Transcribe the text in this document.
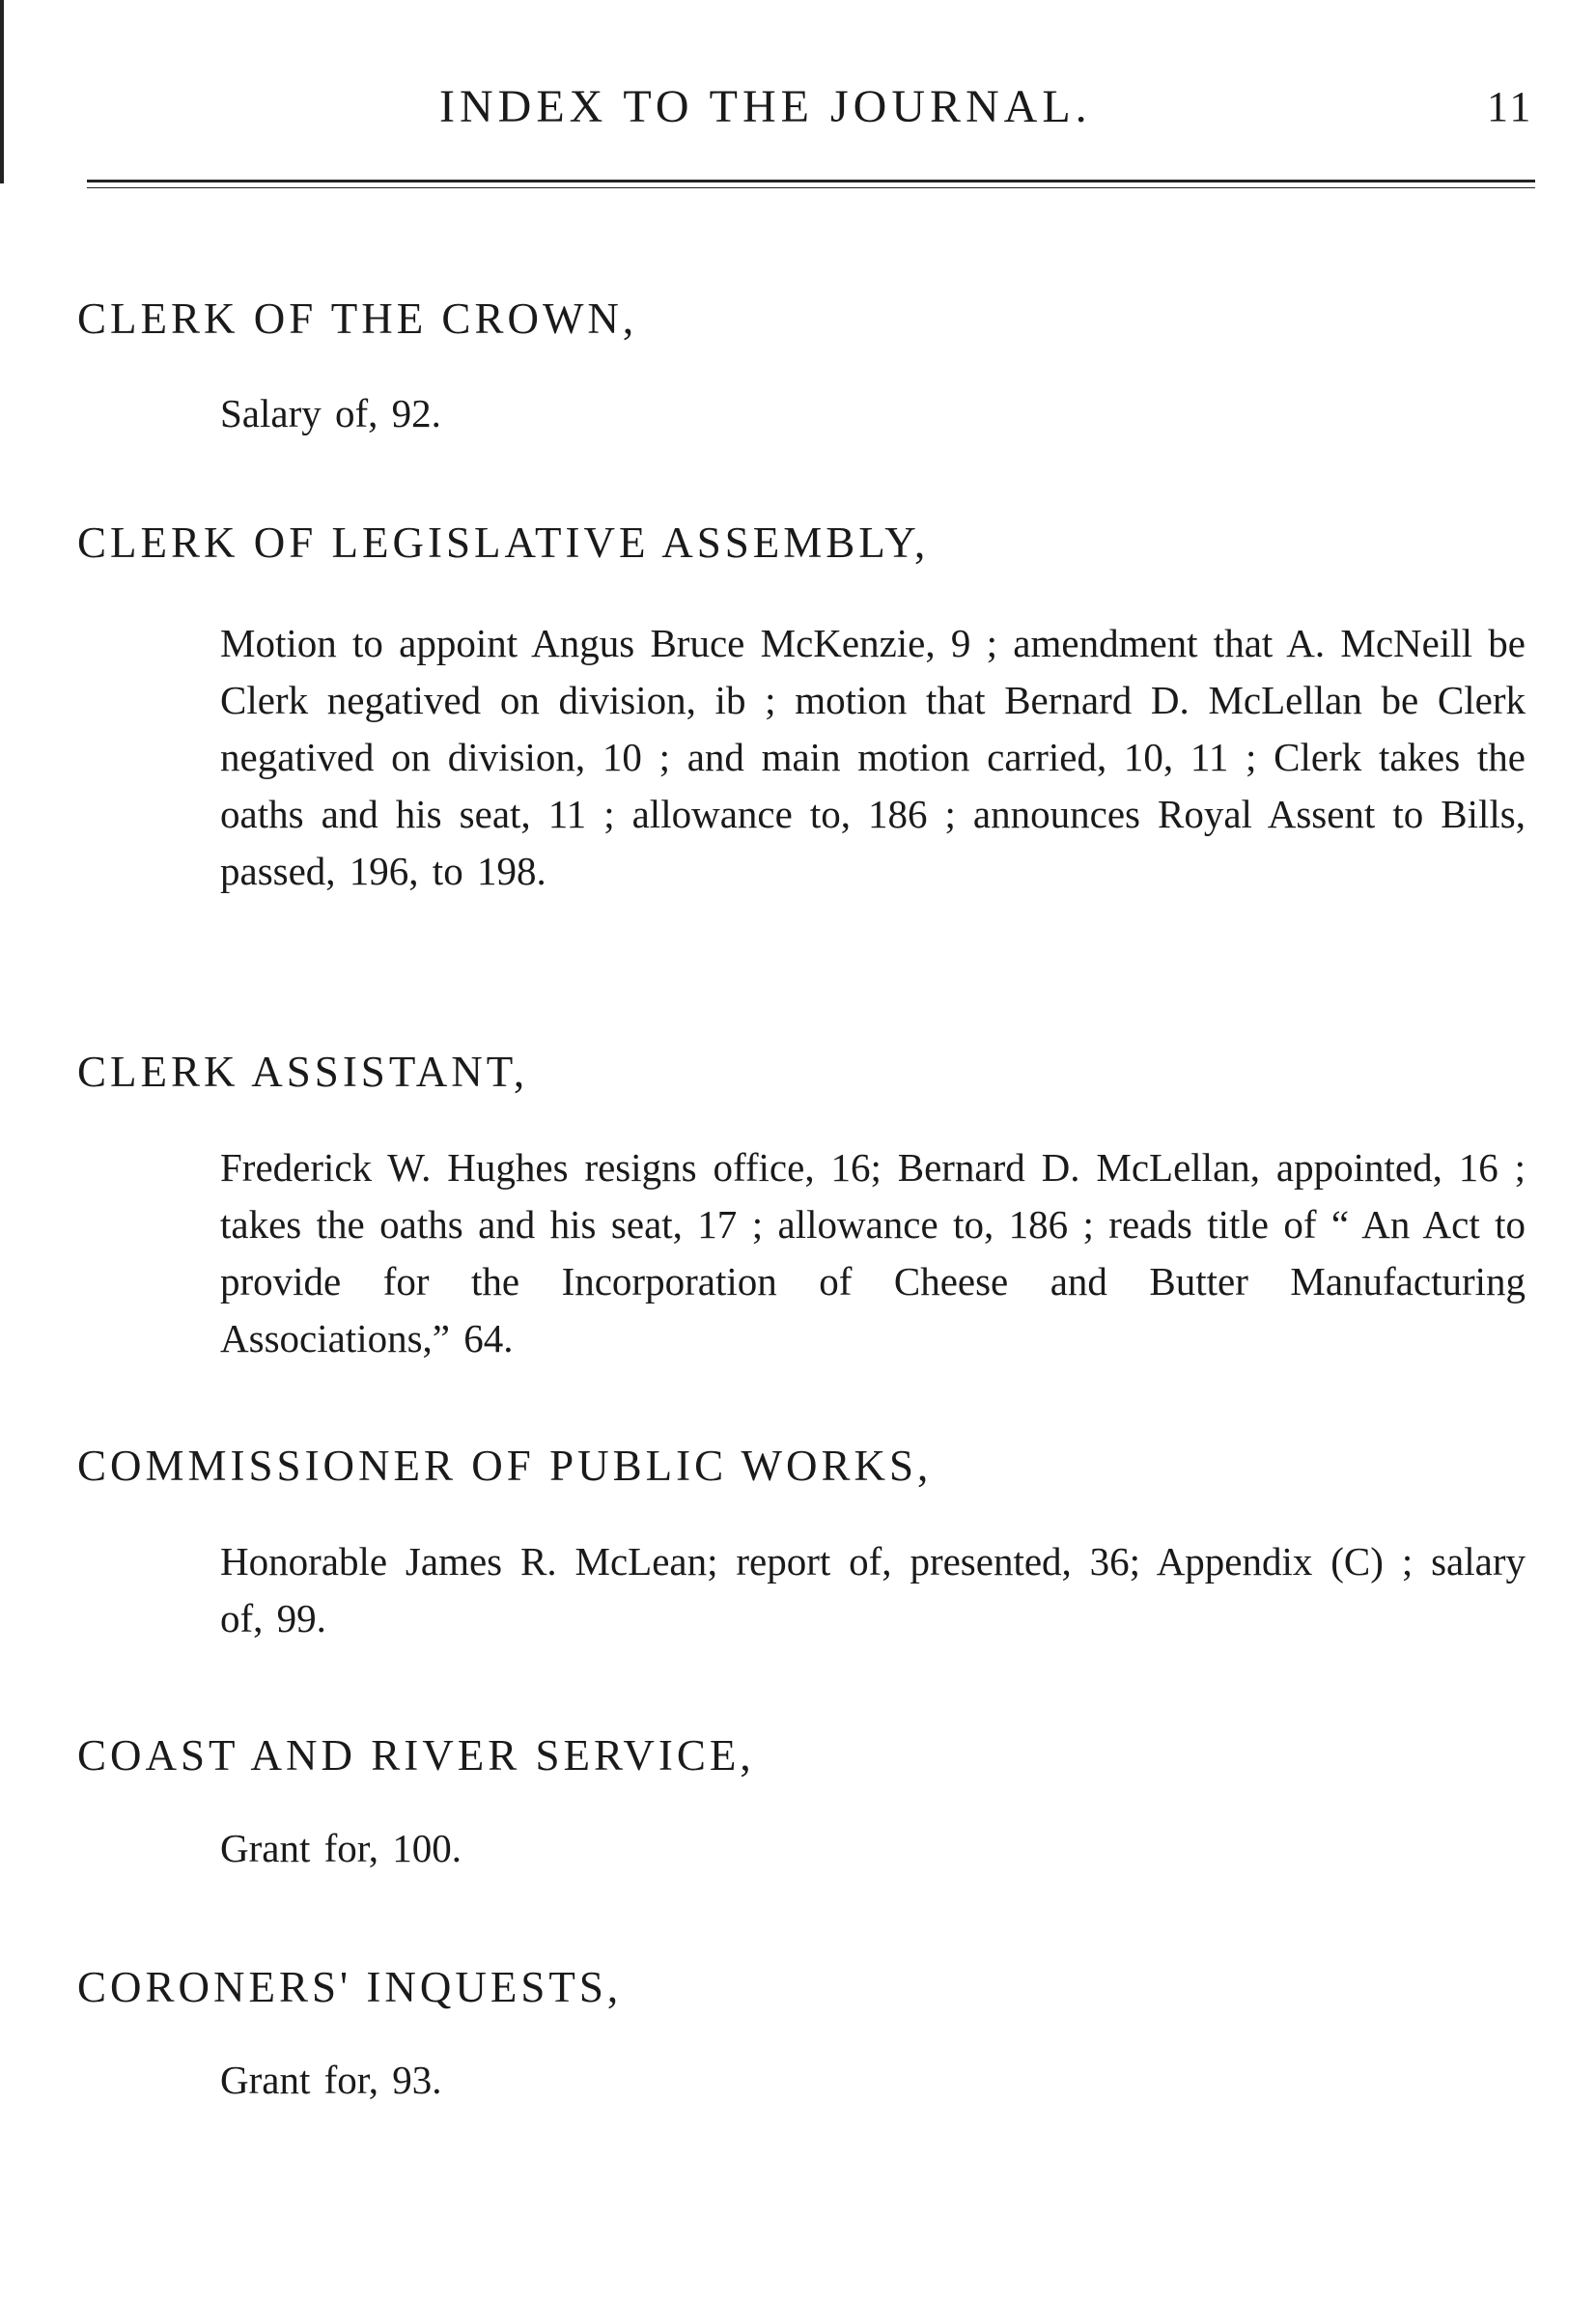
INDEX TO THE JOURNAL.	11
CLERK OF THE CROWN,
Salary of, 92.
CLERK OF LEGISLATIVE ASSEMBLY,
Motion to appoint Angus Bruce McKenzie, 9 ; amendment that A. McNeill be Clerk negatived on division, ib ; motion that Bernard D. McLellan be Clerk negatived on division, 10 ; and main motion carried, 10, 11 ; Clerk takes the oaths and his seat, 11 ; allowance to, 186 ; announces Royal Assent to Bills, passed, 196, to 198.
CLERK ASSISTANT,
Frederick W. Hughes resigns office, 16; Bernard D. McLellan, appointed, 16 ; takes the oaths and his seat, 17 ; allowance to, 186 ; reads title of “ An Act to provide for the Incorporation of Cheese and Butter Manufacturing Associations,” 64.
COMMISSIONER OF PUBLIC WORKS,
Honorable James R. McLean; report of, presented, 36; Appendix (C) ; salary of, 99.
COAST AND RIVER SERVICE,
Grant for, 100.
CORONERS' INQUESTS,
Grant for, 93.
